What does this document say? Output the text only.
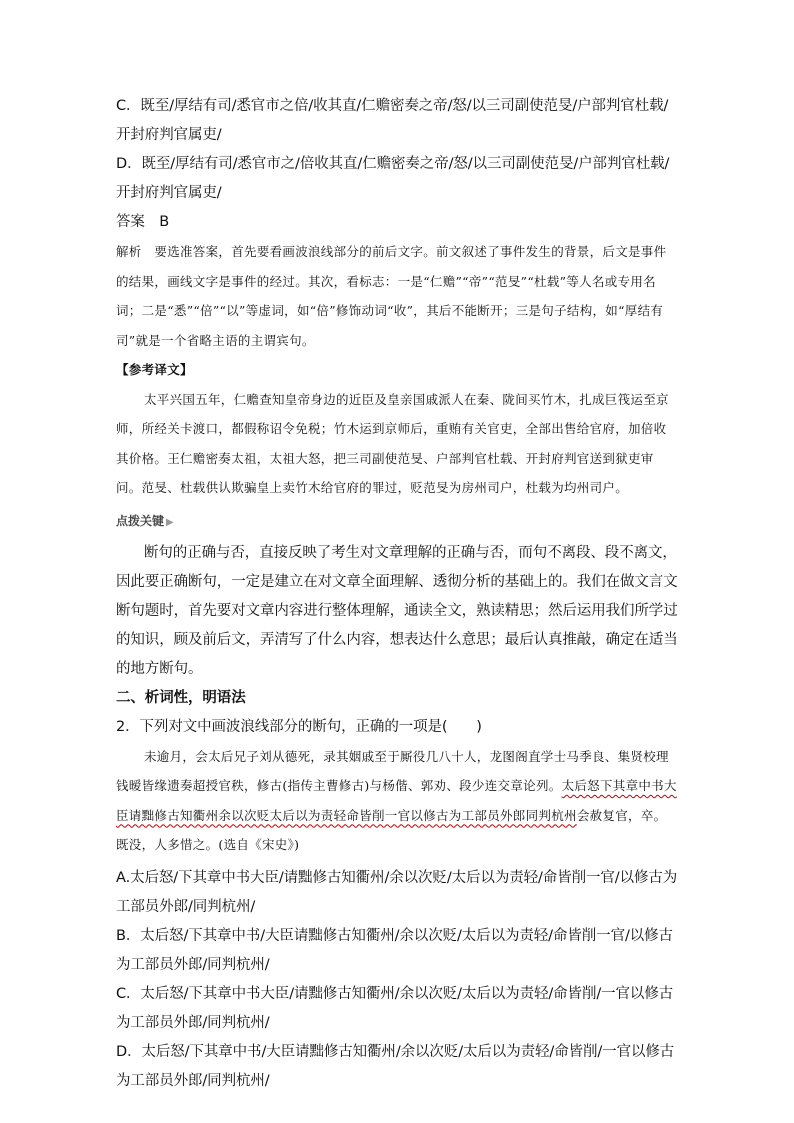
C．既至/厚结有司/悉官市之倍/收其直/仁赡密奏之帝/怒/以三司副使范旻/户部判官杜载/开封府判官属吏/

D．既至/厚结有司/悉官市之/倍收其直/仁赡密奏之帝/怒/以三司副使范旻/户部判官杜载/开封府判官属吏/

答案　B

解析　要选准答案，首先要看画波浪线部分的前后文字。前文叙述了事件发生的背景，后文是事件的结果，画线文字是事件的经过。其次，看标志：一是“仁赡”“帝”“范旻”“杜载”等人名或专用名词；二是“悉”“倍”“以”等虚词，如“倍”修饰动词“收”，其后不能断开；三是句子结构，如“厚结有司”就是一个省略主语的主谓宾句。

【参考译文】

太平兴国五年，仁赡查知皇帝身边的近臣及皇亲国戚派人在秦、陇间买竹木，扎成巨筏运至京师，所经关卡渡口，都假称诏令免税；竹木运到京师后，重贿有关官吏，全部出售给官府，加倍收其价格。王仁赡密奏太祖，太祖大怒，把三司副使范旻、户部判官杜载、开封府判官送到狱吏审问。范旻、杜载供认欺骗皇上卖竹木给官府的罪过，贬范旻为房州司户，杜载为均州司户。

点拨关键 ▶

断句的正确与否，直接反映了考生对文章理解的正确与否，而句不离段、段不离文，因此要正确断句，一定是建立在对文章全面理解、透彻分析的基础上的。我们在做文言文断句题时，首先要对文章内容进行整体理解，通读全文，熟读精思；然后运用我们所学过的知识，顾及前后文，弄清写了什么内容，想表达什么意思；最后认真推敲，确定在适当的地方断句。

二、析词性，明语法

2．下列对文中画波浪线部分的断句，正确的一项是(　　)

未逾月，会太后兄子刘从德死，录其姻戚至于厮役几八十人，龙图阁直学士马季良、集贤校理钱暧皆缘遗奏超授官秩，修古(指传主曹修古)与杨偕、郭劝、段少连交章论列。太后怒下其章中书大臣请黜修古知衢州余以次贬太后以为责轻命皆削一官以修古为工部员外郎同判杭州会赦复官，卒。既没，人多惜之。(选自《宋史》)

A.太后怒/下其章中书大臣/请黜修古知衢州/余以次贬/太后以为责轻/命皆削一官/以修古为工部员外郎/同判杭州/

B．太后怒/下其章中书/大臣请黜修古知衢州/余以次贬/太后以为责轻/命皆削一官/以修古为工部员外郎/同判杭州/

C．太后怒/下其章中书大臣/请黜修古知衢州/余以次贬/太后以为责轻/命皆削/一官以修古为工部员外郎/同判杭州/

D．太后怒/下其章中书/大臣请黜修古知衢州/余以次贬/太后以为责轻/命皆削/一官以修古为工部员外郎/同判杭州/
